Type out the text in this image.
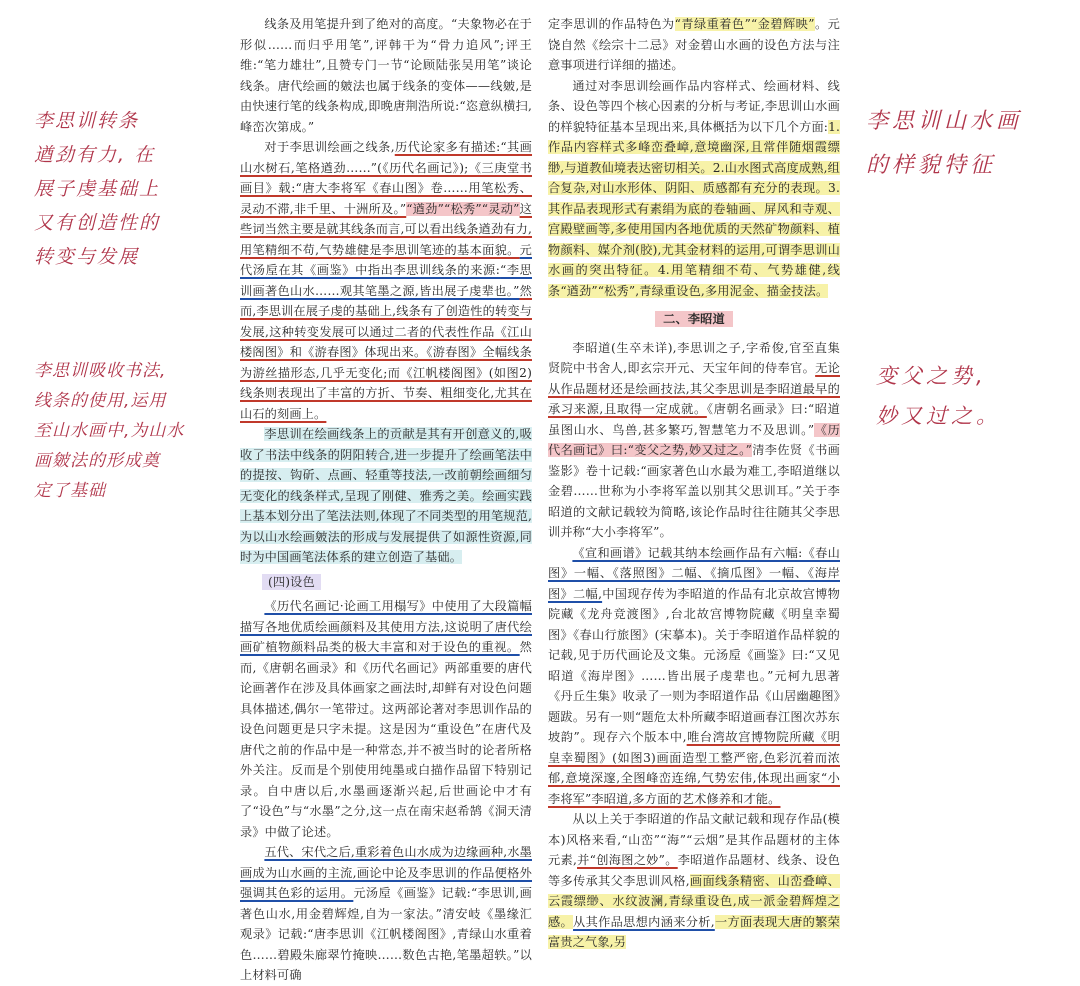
线条及用笔提升到了绝对的高度。“夫象物必在于形似……而归乎用笔”,评韩干为“骨力追风”;评王维:“笔力雄壮”,且赞专门一节“论顾陆张吴用笔”谈论线条。唐代绘画的皴法也属于线条的变体——线皴,是由快速行笔的线条构成,即晚唐荆浩所说:“恣意纵横扫,峰峦次第成。”

对于李思训绘画之线条,历代论家多有描述:“其画山水树石,笔格遒劲……”(《历代名画记》);《三庚堂书画目》载:“唐大李将军《春山图》卷……用笔松秀、灵动不滞,非千里、十洲所及。”“遒劲”“松秀”“灵动”这些词当然主要是就其线条而言,可以看出线条遒劲有力,用笔精细不苟,气势雄健是李思训笔迹的基本面貌。元代汤垕在其《画鉴》中指出李思训线条的来源:“李思训画著色山水……观其笔墨之源,皆出展子虔辈也。”然而,李思训在展子虔的基础上,线条有了创造性的转变与发展,这种转变发展可以通过二者的代表性作品《江山楼阁图》和《游春图》体现出来。《游春图》全幅线条为游丝描形态,几乎无变化;而《江帆楼阁图》(如图2)线条则表现出了丰富的方折、节奏、粗细变化,尤其在山石的刻画上。

李思训在绘画线条上的贡献是其有开创意义的,吸收了书法中线条的阴阳转合,进一步提升了绘画笔法中的提按、钩斫、点画、轻重等技法,一改前朝绘画细匀无变化的线条样式,呈现了刚健、雅秀之美。绘画实践上基本划分出了笔法法则,体现了不同类型的用笔规范,为以山水绘画皴法的形成与发展提供了如源性资源,同时为中国画笔法体系的建立创造了基础。

(四)设色

《历代名画记·论画工用榻写》中使用了大段篇幅描写各地优质绘画颜料及其使用方法,这说明了唐代绘画矿植物颜料品类的极大丰富和对于设色的重视。然而,《唐朝名画录》和《历代名画记》两部重要的唐代论画著作在涉及具体画家之画法时,却鲜有对设色问题具体描述,偶尔一笔带过。这两部论著对李思训作品的设色问题更是只字未提。这是因为“重设色”在唐代及唐代之前的作品中是一种常态,并不被当时的论者所格外关注。反而是个别使用纯墨或白描作品留下特别记录。自中唐以后,水墨画逐渐兴起,后世画论中才有了“设色”与“水墨”之分,这一点在南宋赵希鹄《洞天清录》中做了论述。

五代、宋代之后,重彩着色山水成为边缘画种,水墨画成为山水画的主流,画论中论及李思训的作品便格外强调其色彩的运用。元汤垕《画鉴》记载:“李思训,画著色山水,用金碧辉煌,自为一家法。”清安岐《墨缘汇观录》记载:“唐李思训《江帆楼阁图》,青绿山水重着色……碧殿朱廊翠竹掩映……数色古艳,笔墨超轶。”以上材料可确

定李思训的作品特色为“青绿重着色”“金碧辉映”。元饶自然《绘宗十二忌》对金碧山水画的设色方法与注意事项进行详细的描述。

通过对李思训绘画作品内容样式、绘画材料、线条、设色等四个核心因素的分析与考证,李思训山水画的样貌特征基本呈现出来,具体概括为以下几个方面:1.作品内容样式多峰峦叠嶂,意境幽深,且常伴随烟霞缥缈,与道教仙境表达密切相关。2.山水图式高度成熟,组合复杂,对山水形体、阴阳、质感都有充分的表现。3.其作品表现形式有素绢为底的卷轴画、屏风和寺观、宫殿壁画等,多使用国内各地优质的天然矿物颜料、植物颜料、媒介剂(胶),尤其金材料的运用,可谓李思训山水画的突出特征。4.用笔精细不苟、气势雄健,线条“遒劲”“松秀”,青绿重设色,多用泥金、描金技法。

二、李昭道

李昭道(生卒未详),李思训之子,字希俊,官至直集贤院中书舍人,即玄宗开元、天宝年间的侍奉官。无论从作品题材还是绘画技法,其父李思训是李昭道最早的承习来源,且取得一定成就。《唐朝名画录》曰:“昭道虽图山水、鸟兽,甚多繁巧,智慧笔力不及思训。”《历代名画记》曰:“变父之势,妙又过之。”清李佐贤《书画鉴影》卷十记载:“画家著色山水最为难工,李昭道继以金碧……世称为小李将军盖以别其父思训耳。”关于李昭道的文献记载较为简略,该论作品时往往随其父李思训并称“大小李将军”。

《宣和画谱》记载其纳本绘画作品有六幅:《春山图》一幅、《落照图》二幅、《摘瓜图》一幅、《海岸图》二幅,中国现存传为李昭道的作品有北京故宫博物院藏《龙舟竞渡图》,台北故宫博物院藏《明皇幸蜀图》《春山行旅图》(宋摹本)。关于李昭道作品样貌的记载,见于历代画论及文集。元汤垕《画鉴》曰:“又见昭道《海岸图》……皆出展子虔辈也。”元柯九思著《丹丘生集》收录了一则为李昭道作品《山居幽趣图》题跋。另有一则“题危太朴所藏李昭道画春江图次苏东坡韵”。现存六个版本中,唯台湾故宫博物院所藏《明皇幸蜀图》(如图3)画面造型工整严密,色彩沉着而浓郁,意境深邃,全图峰峦连绵,气势宏伟,体现出画家“小李将军”李昭道,多方面的艺术修养和才能。

从以上关于李昭道的作品文献记载和现存作品(模本)风格来看,“山峦”“海”“云烟”是其作品题材的主体元素,并“创海图之妙”。李昭道作品题材、线条、设色等多传承其父李思训风格,画面线条精密、山峦叠嶂、云霞缥缈、水纹波澜,青绿重设色,成一派金碧辉煌之感。从其作品思想内涵来分析,一方面表现大唐的繁荣富贵之气象,另

李思训转条
遒劲有力, 在
展子虔基础上
又有创造性的
转变与发展
李思训吸收书法,
线条的使用,运用
至山水画中,为山水
画皴法的形成奠
定了基础
李思训山水画
的样貌特征
变父之势,
妙又过之。
